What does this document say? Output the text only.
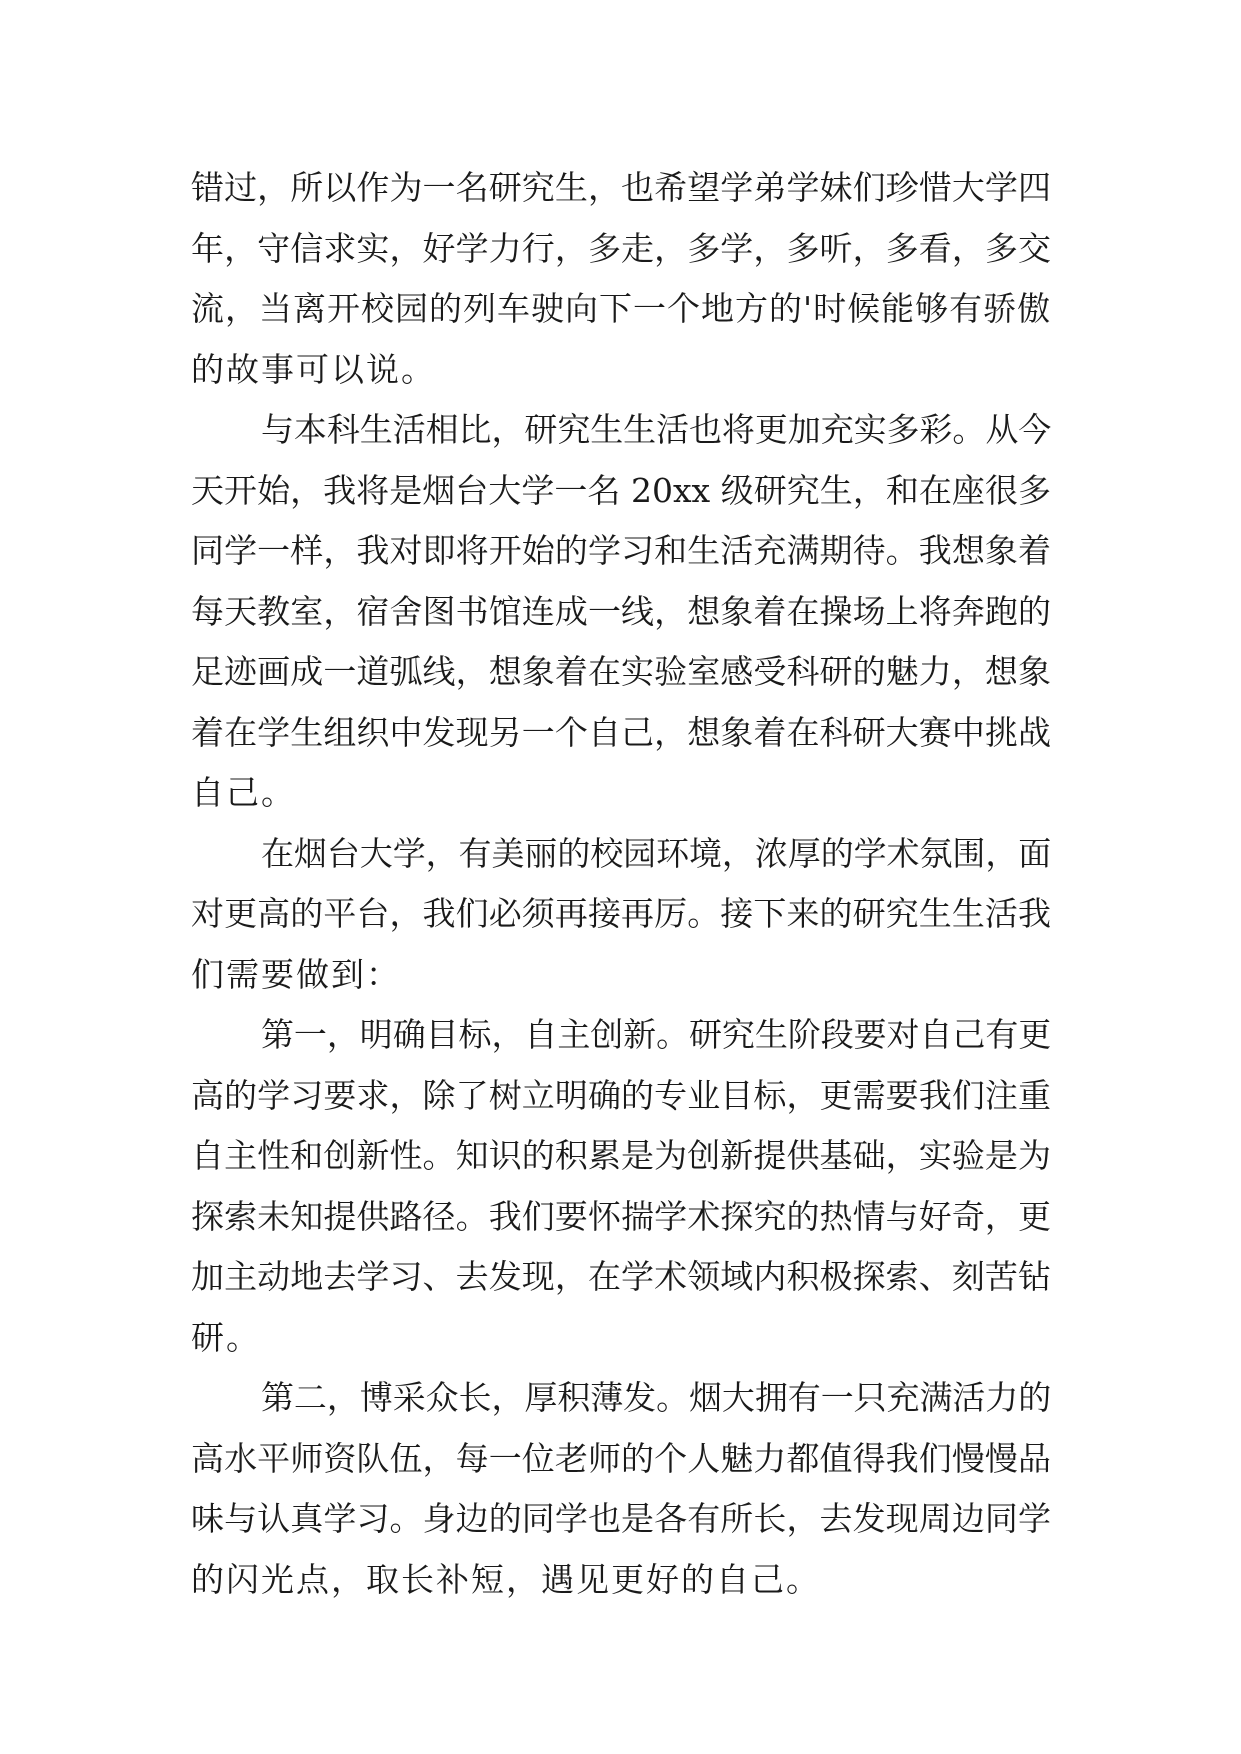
错过，所以作为一名研究生，也希望学弟学妹们珍惜大学四
年，守信求实，好学力行，多走，多学，多听，多看，多交
流，当离开校园的列车驶向下一个地方的'时候能够有骄傲
的故事可以说。

与本科生活相比，研究生生活也将更加充实多彩。从今
天开始，我将是烟台大学一名 20xx 级研究生，和在座很多
同学一样，我对即将开始的学习和生活充满期待。我想象着
每天教室，宿舍图书馆连成一线，想象着在操场上将奔跑的
足迹画成一道弧线，想象着在实验室感受科研的魅力，想象
着在学生组织中发现另一个自己，想象着在科研大赛中挑战
自己。

在烟台大学，有美丽的校园环境，浓厚的学术氛围，面
对更高的平台，我们必须再接再厉。接下来的研究生生活我
们需要做到：

第一，明确目标，自主创新。研究生阶段要对自己有更
高的学习要求，除了树立明确的专业目标，更需要我们注重
自主性和创新性。知识的积累是为创新提供基础，实验是为
探索未知提供路径。我们要怀揣学术探究的热情与好奇，更
加主动地去学习、去发现，在学术领域内积极探索、刻苦钻
研。

第二，博采众长，厚积薄发。烟大拥有一只充满活力的
高水平师资队伍，每一位老师的个人魅力都值得我们慢慢品
味与认真学习。身边的同学也是各有所长，去发现周边同学
的闪光点，取长补短，遇见更好的自己。
